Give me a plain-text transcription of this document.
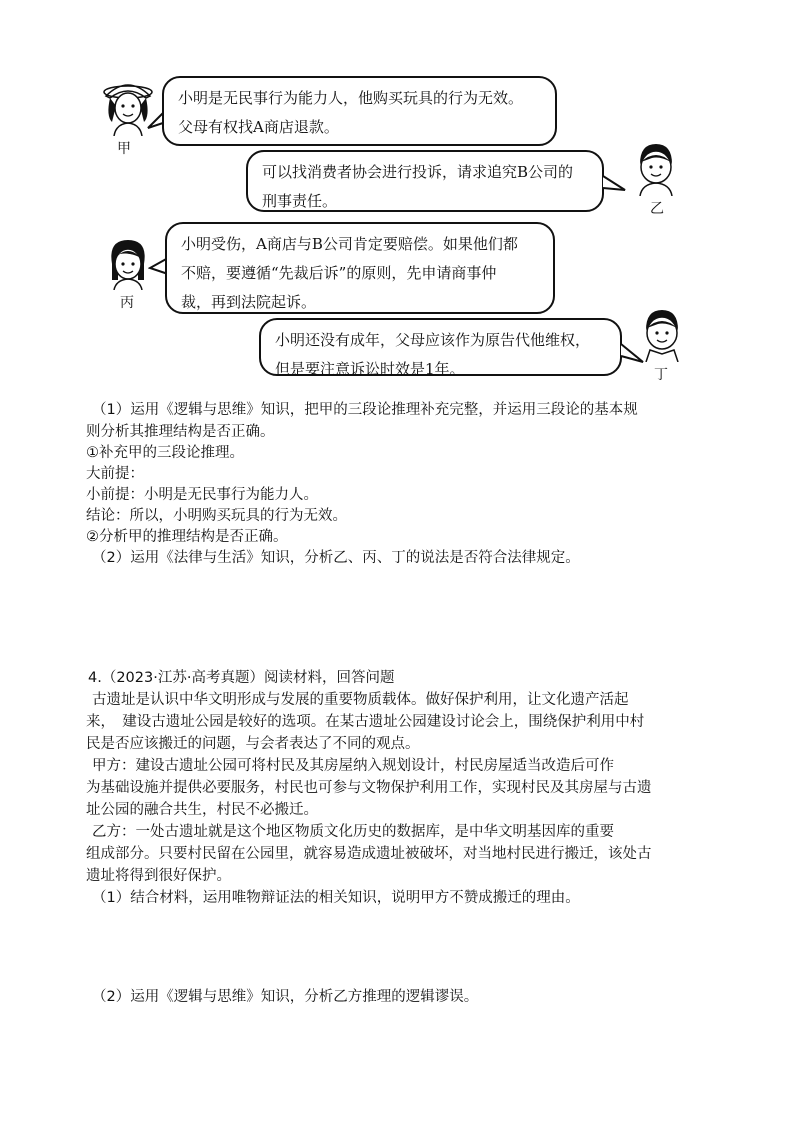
甲
小明是无民事行为能力人，他购买玩具的行为无效。
父母有权找A商店退款。
可以找消费者协会进行投诉，请求追究B公司的
刑事责任。	乙
丙
小明受伤，A商店与B公司肯定要赔偿。如果他们都
不赔，要遵循“先裁后诉”的原则，先申请商事仲
裁，再到法院起诉。
小明还没有成年，父母应该作为原告代他维权，
但是要注意诉讼时效是1年。	丁
（1）运用《逻辑与思维》知识，把甲的三段论推理补充完整，并运用三段论的基本规
则分析其推理结构是否正确。
①补充甲的三段论推理。
大前提：
小前提：小明是无民事行为能力人。
结论：所以，小明购买玩具的行为无效。
②分析甲的推理结构是否正确。
（2）运用《法律与生活》知识，分析乙、丙、丁的说法是否符合法律规定。
4.（2023·江苏·高考真题）阅读材料，回答问题
古遗址是认识中华文明形成与发展的重要物质载体。做好保护利用，让文化遗产活起
来，　建设古遗址公园是较好的选项。在某古遗址公园建设讨论会上，围绕保护利用中村
民是否应该搬迁的问题，与会者表达了不同的观点。
甲方：建设古遗址公园可将村民及其房屋纳入规划设计，村民房屋适当改造后可作
为基础设施并提供必要服务，村民也可参与文物保护利用工作，实现村民及其房屋与古遗
址公园的融合共生，村民不必搬迁。
乙方：一处古遗址就是这个地区物质文化历史的数据库，是中华文明基因库的重要
组成部分。只要村民留在公园里，就容易造成遗址被破坏，对当地村民进行搬迁，该处古
遗址将得到很好保护。
（1）结合材料，运用唯物辩证法的相关知识，说明甲方不赞成搬迁的理由。
（2）运用《逻辑与思维》知识，分析乙方推理的逻辑谬误。
